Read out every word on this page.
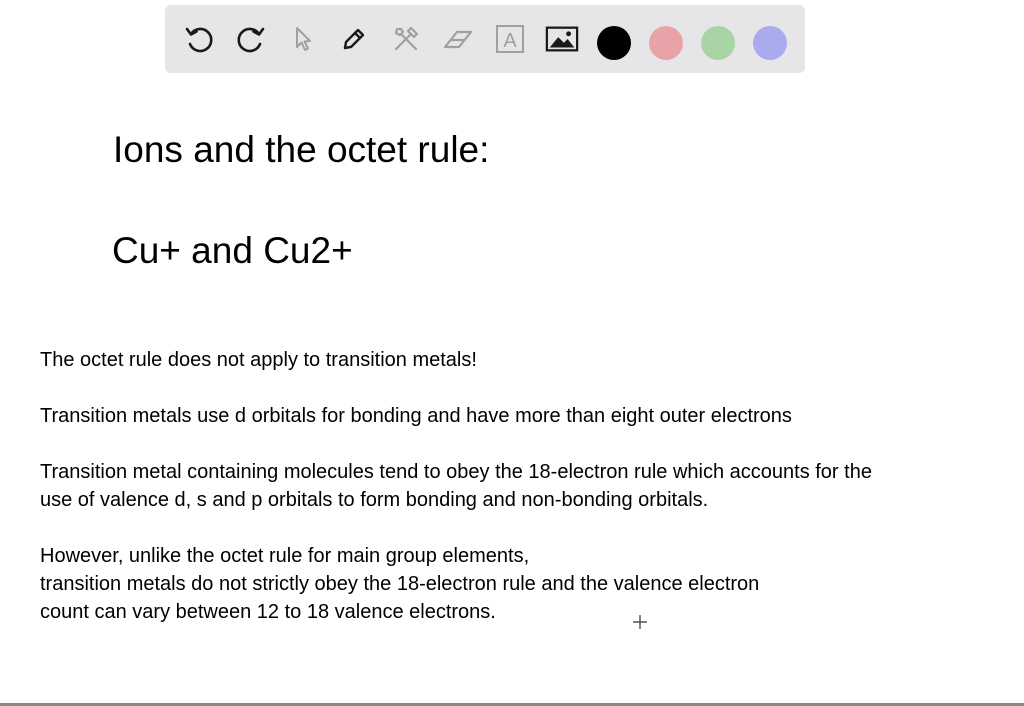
A
Ions and the octet rule:
Cu+ and Cu2+
The octet rule does not apply to transition metals!
Transition metals use d orbitals for bonding and have more than eight outer electrons
Transition metal containing molecules tend to obey the 18-electron rule which accounts for the
use of valence d, s and p orbitals to form bonding and non-bonding orbitals.
However, unlike the octet rule for main group elements,
transition metals do not strictly obey the 18-electron rule and the valence electron
count can vary between 12 to 18 valence electrons.
